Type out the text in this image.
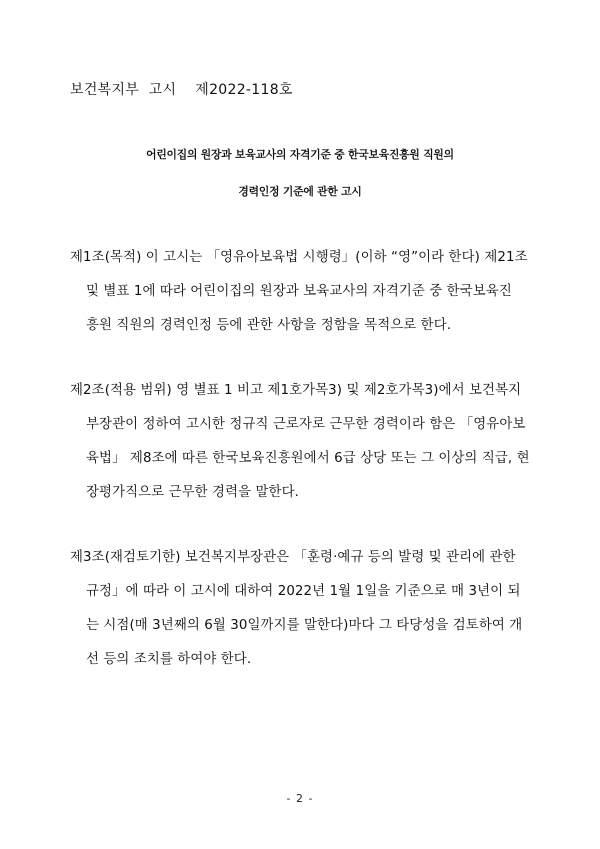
보건복지부  고시    제2022-118호
어린이집의 원장과 보육교사의 자격기준 중 한국보육진흥원 직원의
경력인정 기준에 관한 고시
제1조(목적) 이 고시는 「영유아보육법 시행령」(이하 “영”이라 한다) 제21조
및 별표 1에 따라 어린이집의 원장과 보육교사의 자격기준 중 한국보육진
흥원 직원의 경력인정 등에 관한 사항을 정함을 목적으로 한다.
제2조(적용 범위) 영 별표 1 비고 제1호가목3) 및 제2호가목3)에서 보건복지
부장관이 정하여 고시한 정규직 근로자로 근무한 경력이라 함은 「영유아보
육법」 제8조에 따른 한국보육진흥원에서 6급 상당 또는 그 이상의 직급, 현
장평가직으로 근무한 경력을 말한다.
제3조(재검토기한) 보건복지부장관은 「훈령·예규 등의 발령 및 관리에 관한
규정」에 따라 이 고시에 대하여 2022년 1월 1일을 기준으로 매 3년이 되
는 시점(매 3년째의 6월 30일까지를 말한다)마다 그 타당성을 검토하여 개
선 등의 조치를 하여야 한다.
- 2 -
